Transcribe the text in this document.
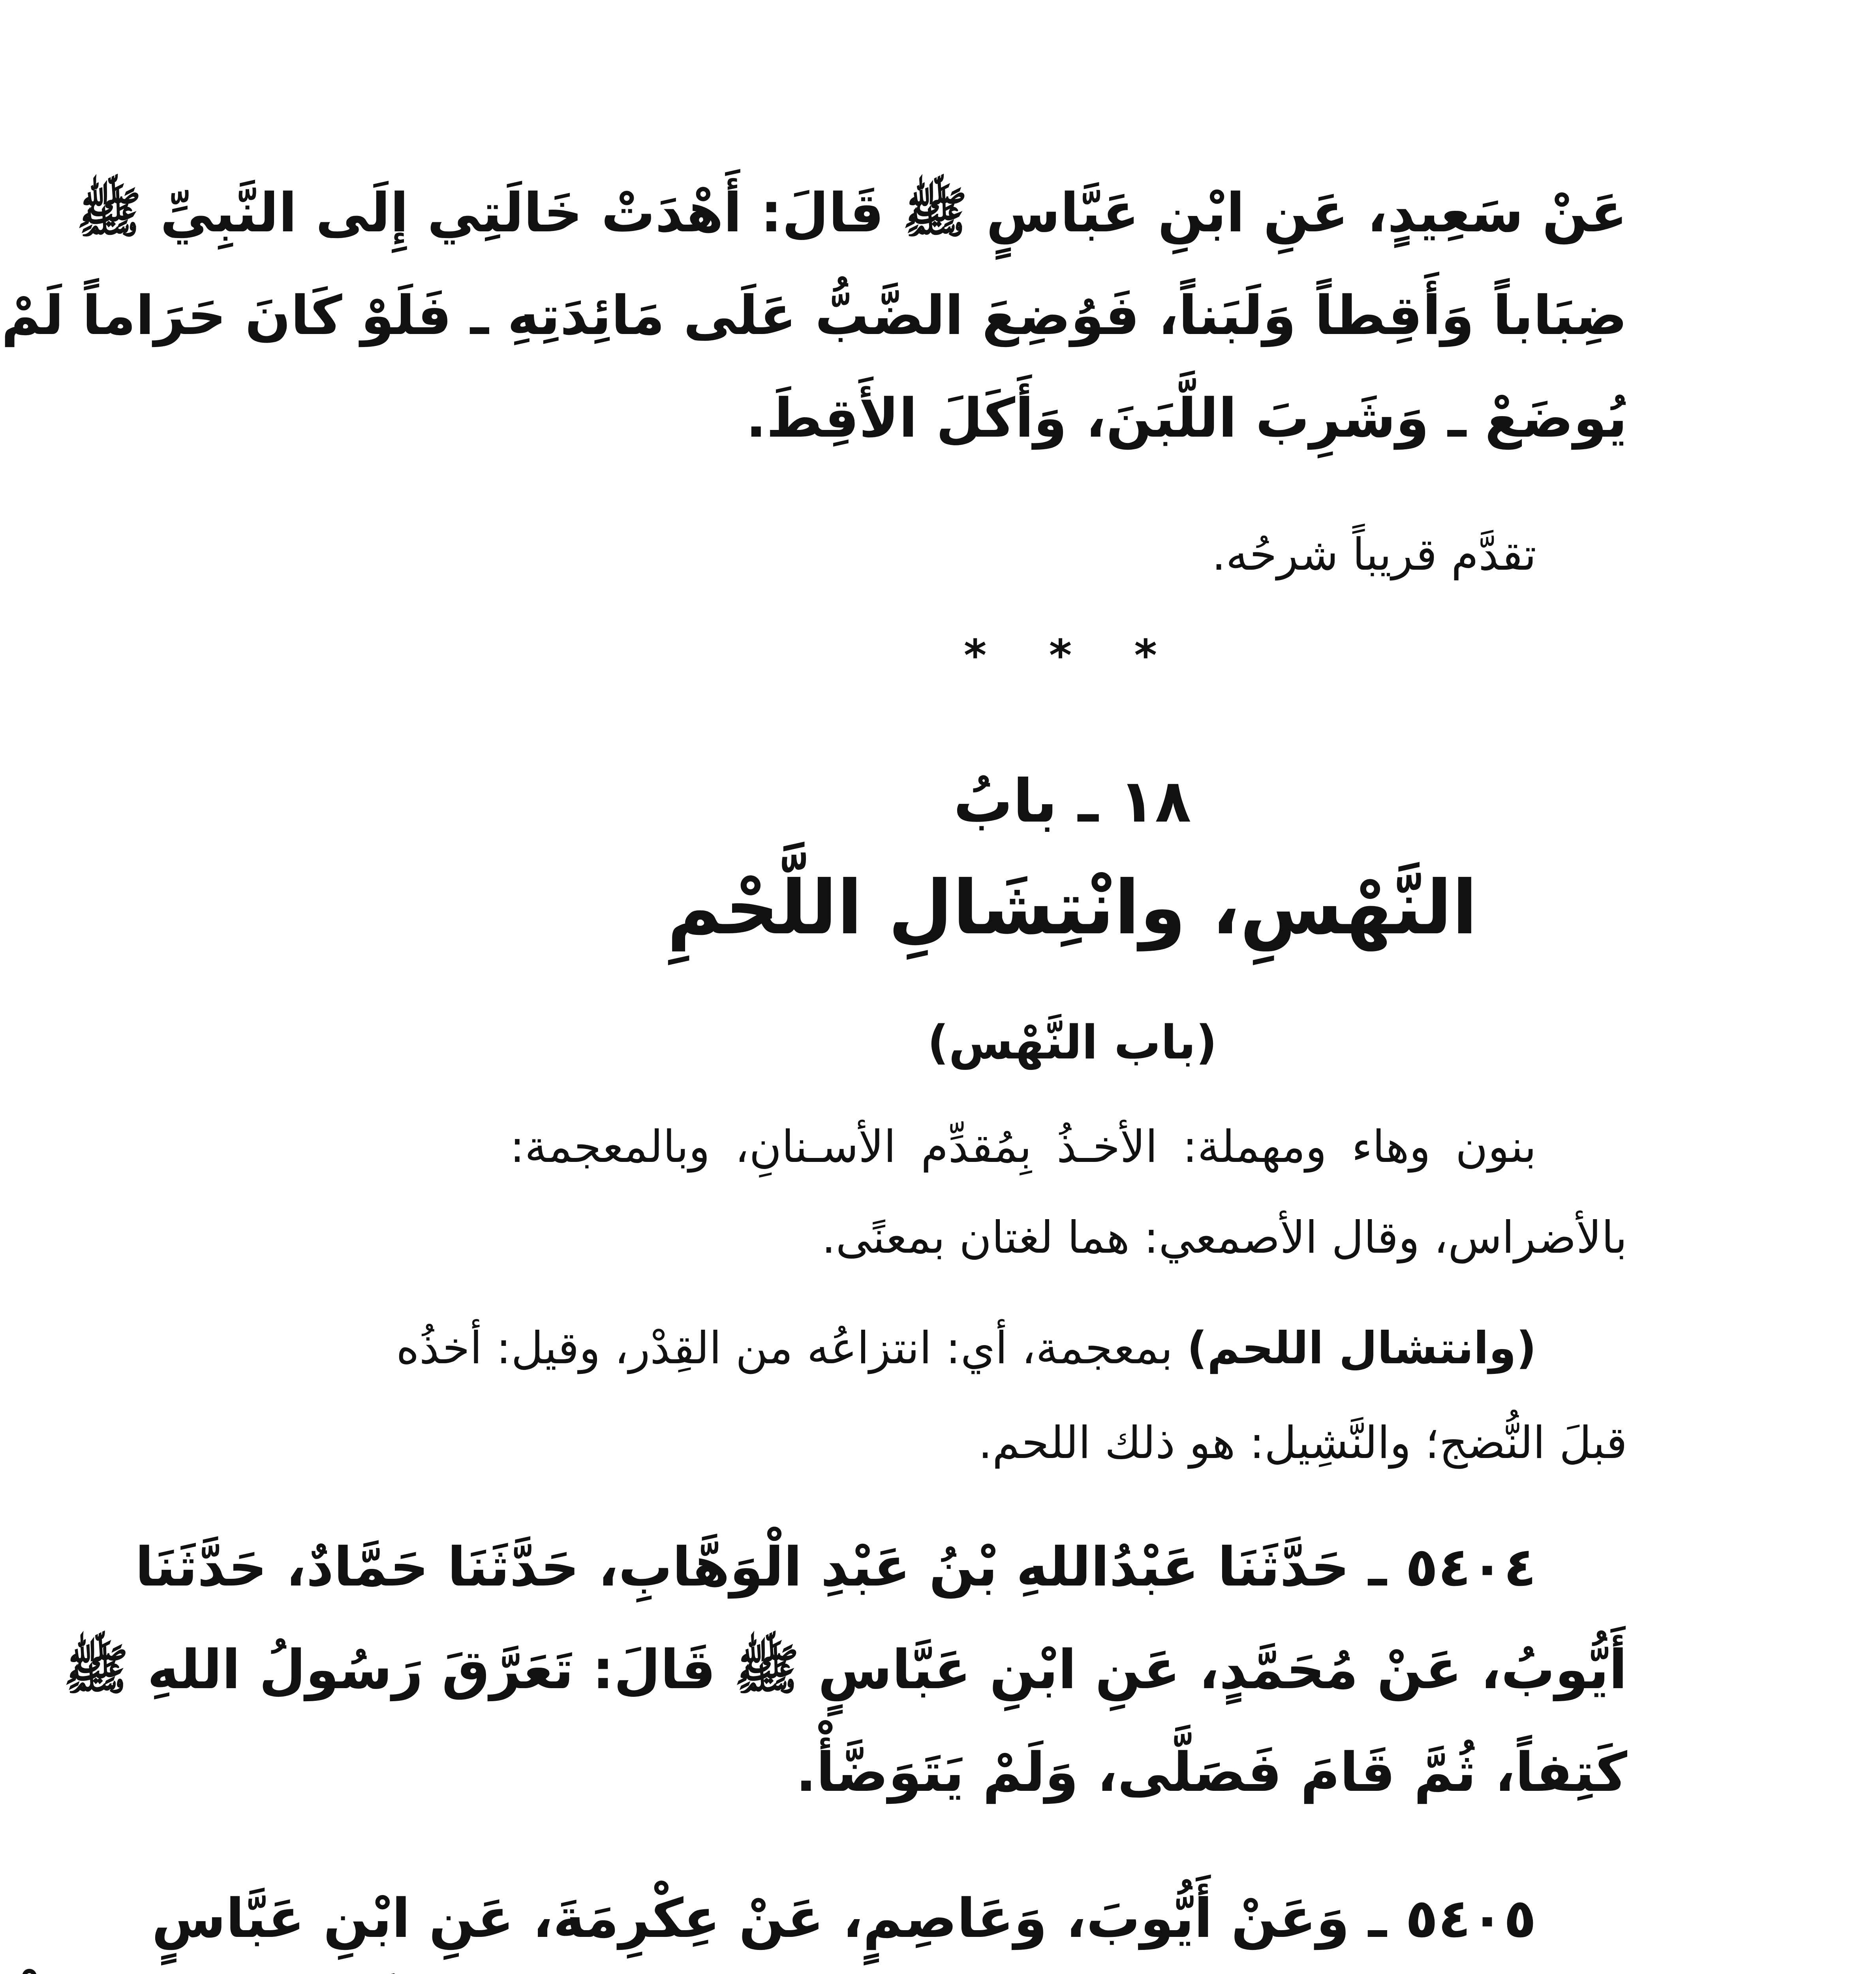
عَنْ سَعِيدٍ، عَنِ ابْنِ عَبَّاسٍ ﷺ قَالَ: أَهْدَتْ خَالَتِي إِلَى النَّبِيِّ ﷺ
ضِبَاباً وَأَقِطاً وَلَبَناً، فَوُضِعَ الضَّبُّ عَلَى مَائِدَتِهِ ـ فَلَوْ كَانَ حَرَاماً لَمْ
يُوضَعْ ـ وَشَرِبَ اللَّبَنَ، وَأَكَلَ الأَقِطَ.
تقدَّم قريباً شرحُه.
* * *
١٨ ـ بابُ
النَّهْسِ، وانْتِشَالِ اللَّحْمِ
(باب النَّهْس)
بنون وهاء ومهملة: الأخـذُ بِمُقدِّم الأسـنانِ، وبالمعجمة:
بالأضراس، وقال الأصمعي: هما لغتان بمعنًى.
(وانتشال اللحم) بمعجمة، أي: انتزاعُه من القِدْر، وقيل: أخذُه
قبلَ النُّضج؛ والنَّشِيل: هو ذلك اللحم.
٥٤٠٤ ـ حَدَّثَنَا عَبْدُاللهِ بْنُ عَبْدِ الْوَهَّابِ، حَدَّثَنَا حَمَّادٌ، حَدَّثَنَا
أَيُّوبُ، عَنْ مُحَمَّدٍ، عَنِ ابْنِ عَبَّاسٍ ﷺ قَالَ: تَعَرَّقَ رَسُولُ اللهِ ﷺ
كَتِفاً، ثُمَّ قَامَ فَصَلَّى، وَلَمْ يَتَوَضَّأْ.
٥٤٠٥ ـ وَعَنْ أَيُّوبَ، وَعَاصِمٍ، عَنْ عِكْرِمَةَ، عَنِ ابْنِ عَبَّاسٍ
